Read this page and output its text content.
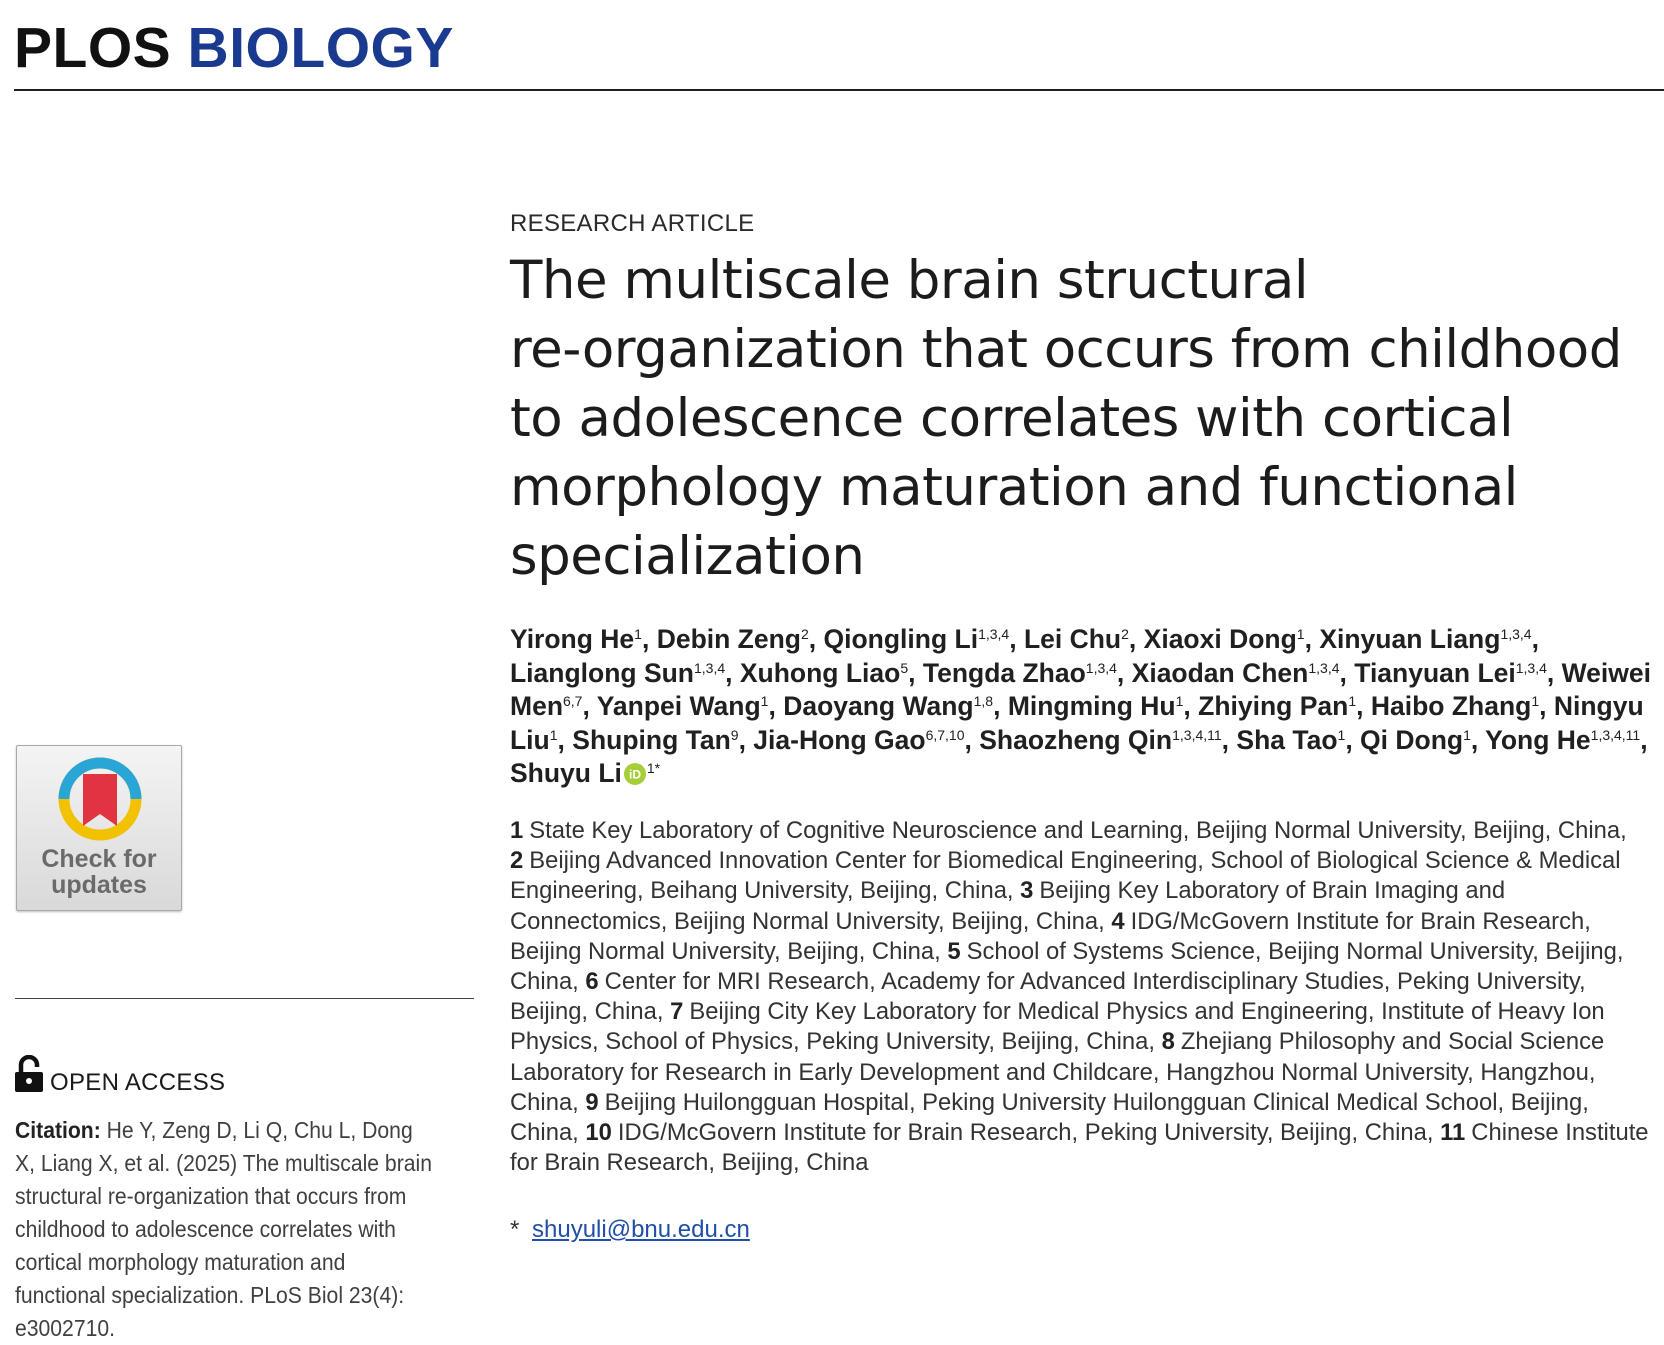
PLOS BIOLOGY
Check for
updates
OPEN ACCESS
Citation: He Y, Zeng D, Li Q, Chu L, Dong X, Liang X, et al. (2025) The multiscale brain structural re-organization that occurs from childhood to adolescence correlates with cortical morphology maturation and functional specialization. PLoS Biol 23(4): e3002710.
RESEARCH ARTICLE
The multiscale brain structural
re-organization that occurs from childhood
to adolescence correlates with cortical
morphology maturation and functional
specialization
Yirong He$^1$, Debin Zeng$^2$, Qiongling Li$^{1,3,4}$, Lei Chu$^2$, Xiaoxi Dong$^1$, Xinyuan Liang$^{1,3,4}$, Lianglong Sun$^{1,3,4}$, Xuhong Liao$^5$, Tengda Zhao$^{1,3,4}$, Xiaodan Chen$^{1,3,4}$, Tianyuan Lei$^{1,3,4}$, Weiwei Men$^{6,7}$, Yanpei Wang$^1$, Daoyang Wang$^{1,8}$, Mingming Hu$^1$, Zhiying Pan$^1$, Haibo Zhang$^1$, Ningyu Liu$^1$, Shuping Tan$^9$, Jia-Hong Gao$^{6,7,10}$, Shaozheng Qin$^{1,3,4,11}$, Sha Tao$^1$, Qi Dong$^1$, Yong He$^{1,3,4,11}$, Shuyu Li iD $^{1*}$
1 State Key Laboratory of Cognitive Neuroscience and Learning, Beijing Normal University, Beijing, China, 2 Beijing Advanced Innovation Center for Biomedical Engineering, School of Biological Science & Medical Engineering, Beihang University, Beijing, China, 3 Beijing Key Laboratory of Brain Imaging and Connectomics, Beijing Normal University, Beijing, China, 4 IDG/McGovern Institute for Brain Research, Beijing Normal University, Beijing, China, 5 School of Systems Science, Beijing Normal University, Beijing, China, 6 Center for MRI Research, Academy for Advanced Interdisciplinary Studies, Peking University, Beijing, China, 7 Beijing City Key Laboratory for Medical Physics and Engineering, Institute of Heavy Ion Physics, School of Physics, Peking University, Beijing, China, 8 Zhejiang Philosophy and Social Science Laboratory for Research in Early Development and Childcare, Hangzhou Normal University, Hangzhou, China, 9 Beijing Huilongguan Hospital, Peking University Huilongguan Clinical Medical School, Beijing, China, 10 IDG/McGovern Institute for Brain Research, Peking University, Beijing, China, 11 Chinese Institute for Brain Research, Beijing, China
* shuyuli@bnu.edu.cn
